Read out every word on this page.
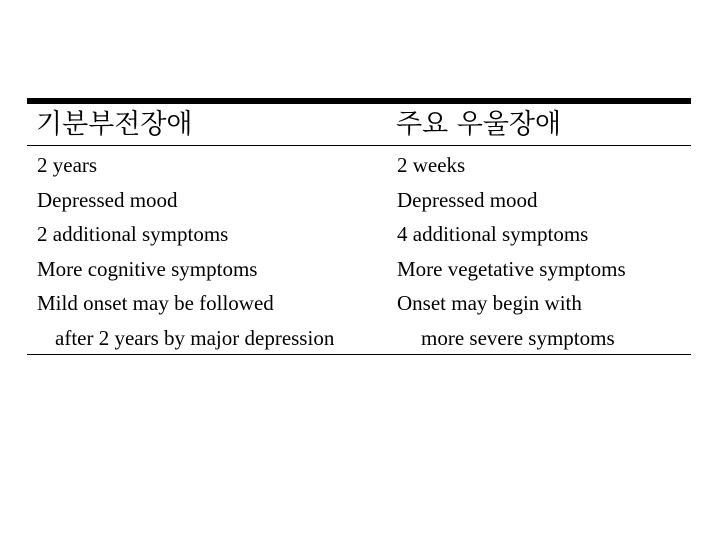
기분부전장애	주요 우울장애
2 years
Depressed mood
2 additional symptoms
More cognitive symptoms
Mild onset may be followed
after 2 years by major depression
2 weeks
Depressed mood
4 additional symptoms
More vegetative symptoms
Onset may begin with
more severe symptoms
